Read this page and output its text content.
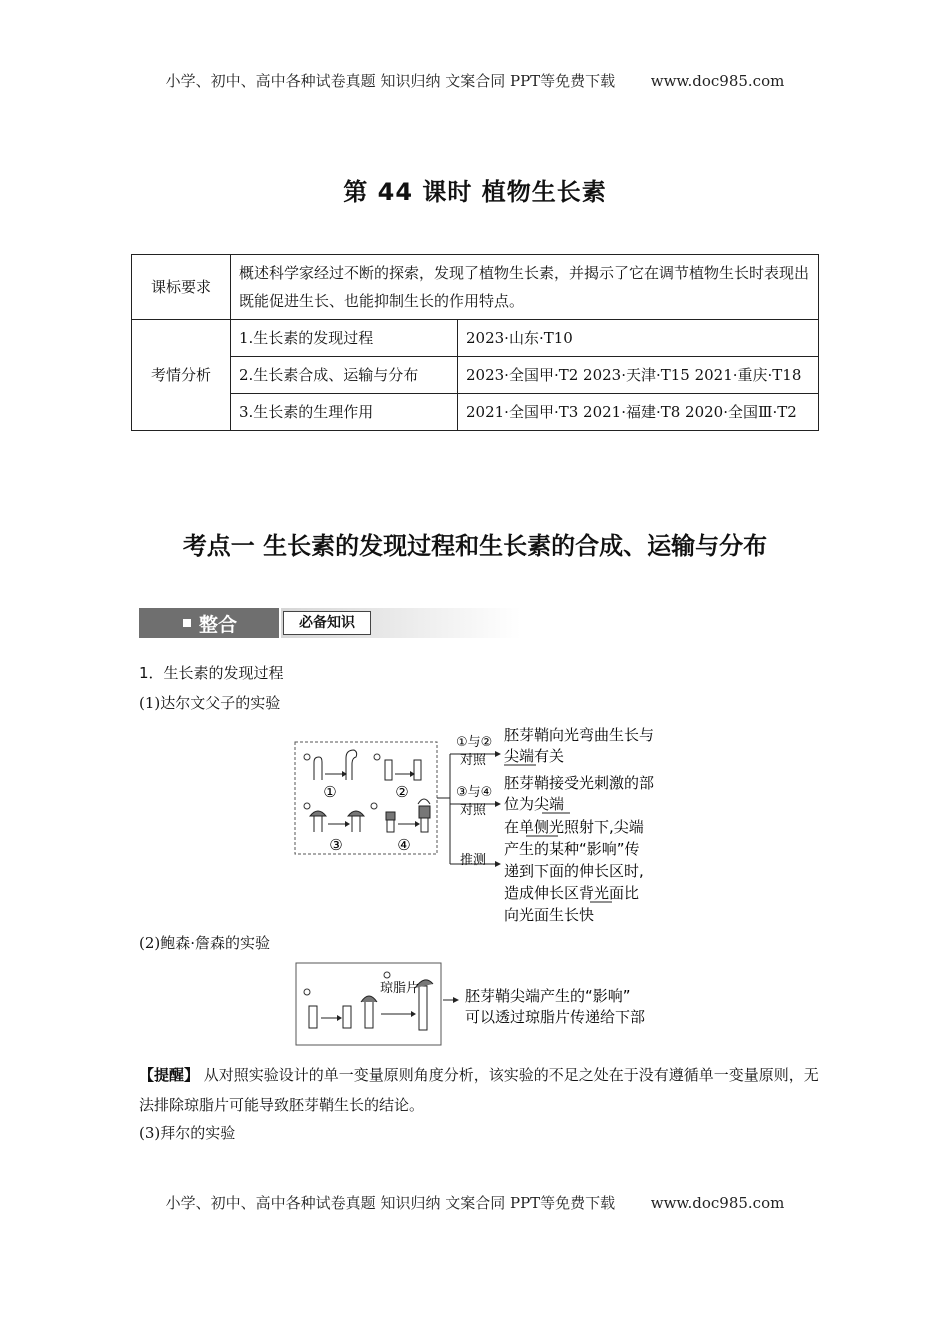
小学、初中、高中各种试卷真题 知识归纳 文案合同 PPT等免费下载 www.doc985.com
第 44 课时 植物生长素
课标要求	概述科学家经过不断的探索，发现了植物生长素，并揭示了它在调节植物生长时表现出既能促进生长、也能抑制生长的作用特点。	
考情分析	1.生长素的发现过程	2023·山东·T10
	2.生长素合成、运输与分布	2023·全国甲·T2 2023·天津·T15 2021·重庆·T18
	3.生长素的生理作用	2021·全国甲·T3 2021·福建·T8 2020·全国Ⅲ·T2
考点一 生长素的发现过程和生长素的合成、运输与分布
整合	必备知识
1．生长素的发现过程
(1)达尔文父子的实验
①	②
③	④
①与②
对照
③与④
对照
推测
胚芽鞘向光弯曲生长与
尖端有关
胚芽鞘接受光刺激的部
位为尖端
在单侧光照射下,尖端
产生的某种“影响”传
递到下面的伸长区时,
造成伸长区背光面比
向光面生长快
(2)鲍森·詹森的实验
琼脂片	胚芽鞘尖端产生的“影响”
可以透过琼脂片传递给下部
【提醒】 从对照实验设计的单一变量原则角度分析，该实验的不足之处在于没有遵循单一变量原则，无法排除琼脂片可能导致胚芽鞘生长的结论。
(3)拜尔的实验
小学、初中、高中各种试卷真题 知识归纳 文案合同 PPT等免费下载 www.doc985.com
